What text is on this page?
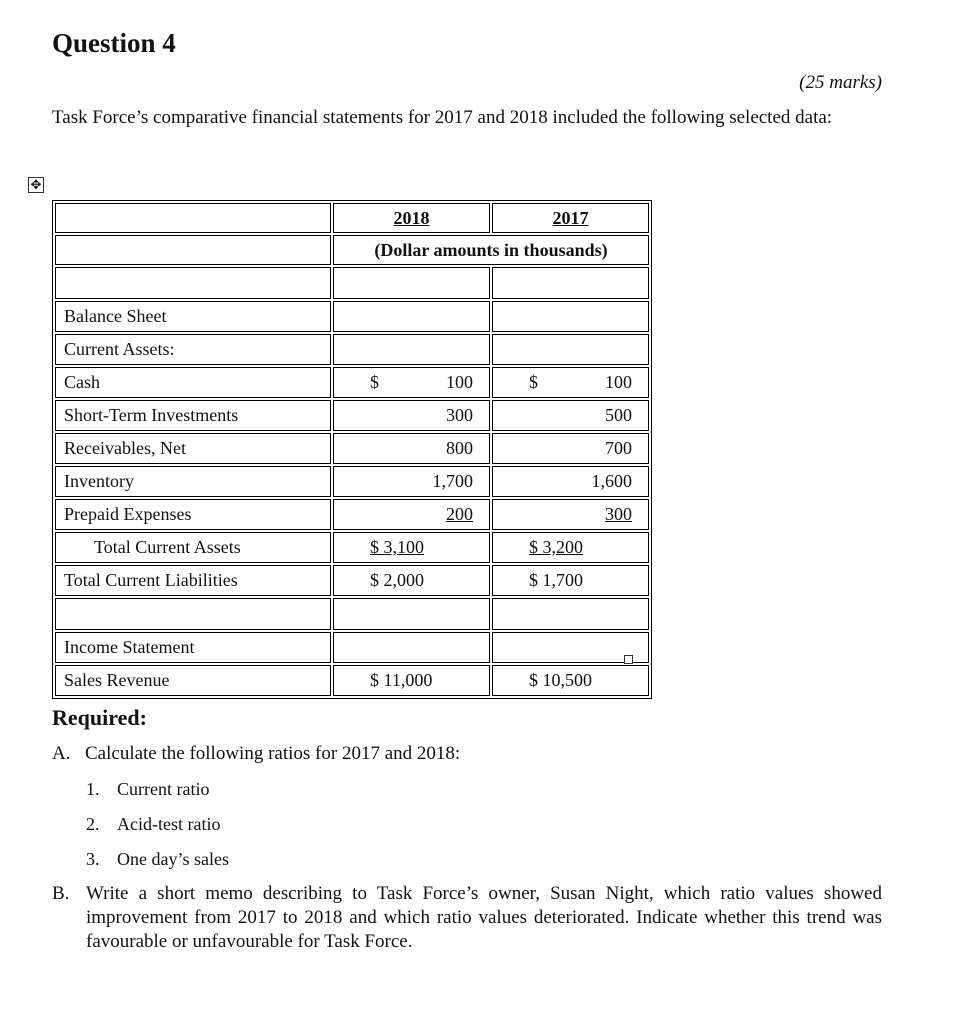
Question 4
(25 marks)
Task Force’s comparative financial statements for 2017 and 2018 included the following selected data:
✥
	2018	2017
	(Dollar amounts in thousands)	

Balance Sheet		
Current Assets:		
Cash	$ 100	$ 100

Short-Term Investments	300	500

Receivables, Net	800	700

Inventory	1,700	1,600

Prepaid Expenses	200	300

Total Current Assets	$ 3,100	$ 3,200

Total Current Liabilities	$ 2,000	$ 1,700

Income Statement		
Sales Revenue	$ 11,000	$ 10,500
Required:
A. Calculate the following ratios for 2017 and 2018:
1. Current ratio
2. Acid-test ratio
3. One day’s sales
B. Write a short memo describing to Task Force’s owner, Susan Night, which ratio values showed improvement from 2017 to 2018 and which ratio values deteriorated. Indicate whether this trend was favourable or unfavourable for Task Force.
